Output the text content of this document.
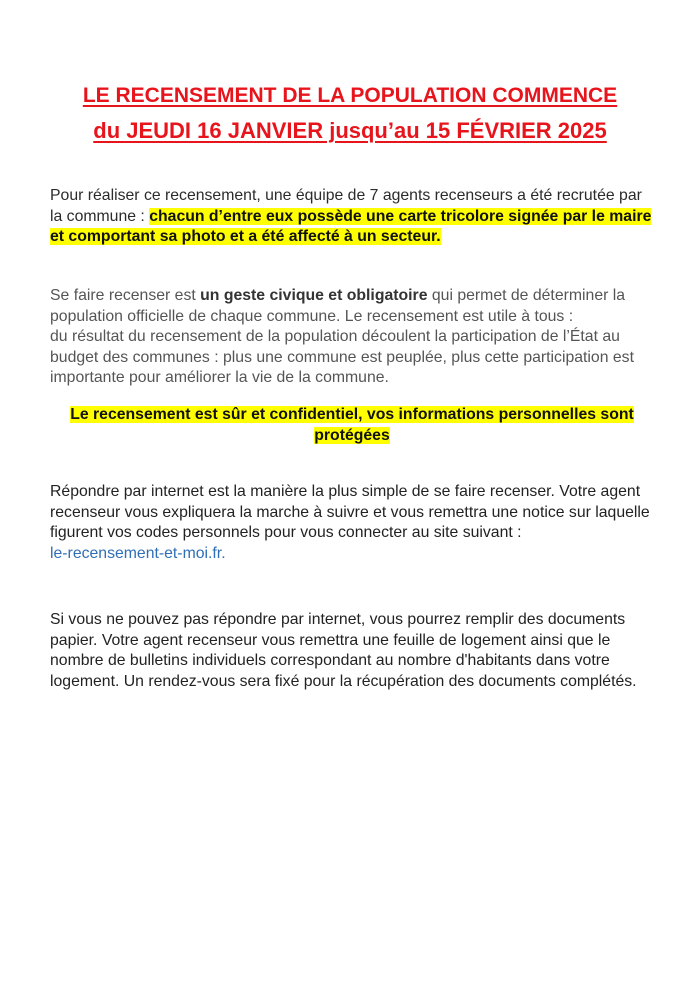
LE RECENSEMENT DE LA POPULATION COMMENCE
du JEUDI 16 JANVIER jusqu’au 15 FÉVRIER 2025

Pour réaliser ce recensement, une équipe de 7 agents recenseurs a été recrutée par la commune : chacun d’entre eux possède une carte tricolore signée par le maire et comportant sa photo et a été affecté à un secteur.

Se faire recenser est un geste civique et obligatoire qui permet de déterminer la population officielle de chaque commune. Le recensement est utile à tous :
du résultat du recensement de la population découlent la participation de l’État au budget des communes : plus une commune est peuplée, plus cette participation est importante pour améliorer la vie de la commune.

Le recensement est sûr et confidentiel, vos informations personnelles sont
protégées

Répondre par internet est la manière la plus simple de se faire recenser. Votre agent recenseur vous expliquera la marche à suivre et vous remettra une notice sur laquelle figurent vos codes personnels pour vous connecter au site suivant :
le-recensement-et-moi.fr.

Si vous ne pouvez pas répondre par internet, vous pourrez remplir des documents papier. Votre agent recenseur vous remettra une feuille de logement ainsi que le nombre de bulletins individuels correspondant au nombre d'habitants dans votre logement. Un rendez-vous sera fixé pour la récupération des documents complétés.
